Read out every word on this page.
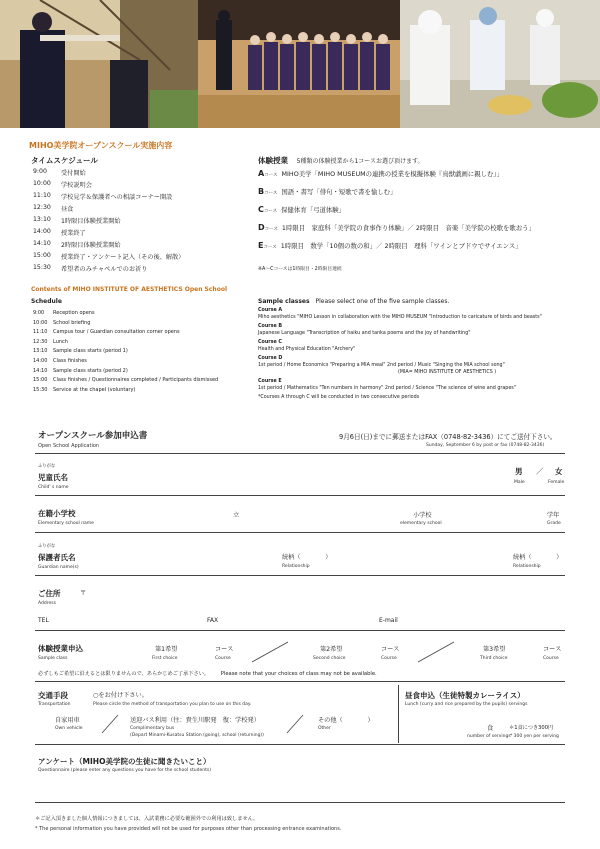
MIHO美学院オープンスクール実施内容
タイムスケジュール
9:00 受付開始
10:00 学校説明会
11:10 学校見学＆保護者への相談コーナー開設
12:30 昼食
13:10 1時限目体験授業開始
14:00 授業終了
14:10 2時限目体験授業開始
15:00 授業終了・アンケート記入（その後、解散）
15:30 希望者のみチャペルでのお祈り
体験授業 5種類の体験授業から1コースお選び頂けます。
Aコース MIHO美学「MIHO MUSEUMの連携の授業を模擬体験『鳥獣戯画に親しむ』」
Bコース 国語・書写「俳句・短歌で書を愉しむ」
Cコース 保健体育「弓道体験」
Dコース 1時限目　家庭科「美学院の食事作り体験」／ 2時限目　音楽「美学院の校歌を歌おう」
Eコース 1時限目　数学「10個の数の和」／ 2時限目　理科「ワインとブドウでサイエンス」
※A～Cコースは1時限目・2時限目連続
Contents of MIHO INSTITUTE OF AESTHETICS Open School
Schedule
9:00 Reception opens
10:00 School briefing
11:10 Campus tour / Guardian consultation corner opens
12:30 Lunch
13:10 Sample class starts (period 1)
14:00 Class finishes
14:10 Sample class starts (period 2)
15:00 Class finishes / Questionnaires completed / Participants dismissed
15:30 Service at the chapel (voluntary)
Sample classes Please select one of the five sample classes.
Course A
Miho aesthetics "MIHO Lesson in collaboration with the MIHO MUSEUM "Introduction to caricature of birds and beasts"
Course B
Japanese Language "Transcription of haiku and tanka poems and the joy of handwriting"
Course C
Health and Physical Education "Archery"
Course D
1st period / Home Economics "Preparing a MIA meal" 2nd period / Music "Singing the MIA school song"
(MIA= MIHO INSTITUTE OF AESTHETICS )
Course E
1st period / Mathematics "Ten numbers in harmony" 2nd period / Science "The science of wine and grapes"
*Courses A through C will be conducted in two consecutive periods
オープンスクール参加申込書
Open School Application
9月6日(日)までに郵送またはFAX（0748-82-3436）にてご送付下さい。
Sunday, September 6 by post or fax (0748-82-3436)
ふりがな
児童氏名
Child' s name
男 ／ 女
Male	Female
在籍小学校
Elementary school name
立	小学校
elementary school
学年
Grade
ふりがな
保護者氏名
Guardian name(s)
続柄（　　　　）
Relationship
続柄（　　　　）
Relationship
ご住所	〒
Address
TEL	FAX	E-mail
体験授業申込
Sample class
第1希望
First choice
コース
Course
第2希望
Second choice
コース
Course
第3希望
Third choice
コース
Course
必ずしもご希望に沿えるとは限りませんので、あらかじめご了承下さい。 Please note that your choices of class may not be available.
交通手段
Transportation
○をお付け下さい。
Please circle the method of transportation you plan to use on this day.
自家用車
Own vehicle
送迎バス利用（往：貴生川駅発　復：学校発）
Complimentary bus
(Depart Minami-Kusatsu Station (going), school (returning))
その他（　　　　）
Other
昼食申込（生徒特製カレーライス）
Lunch (curry and rice prepared by the pupils) servings
食
number of servings
＊1食につき300円
* 300 yen per serving
アンケート（MIHO美学院の生徒に聞きたいこと）
Questionnaire (please enter any questions you have for the school students)
＊ご記入頂きました個人情報につきましては、入試業務に必要な範囲外での利用は致しません。
* The personal information you have provided will not be used for purposes other than processing entrance examinations.
